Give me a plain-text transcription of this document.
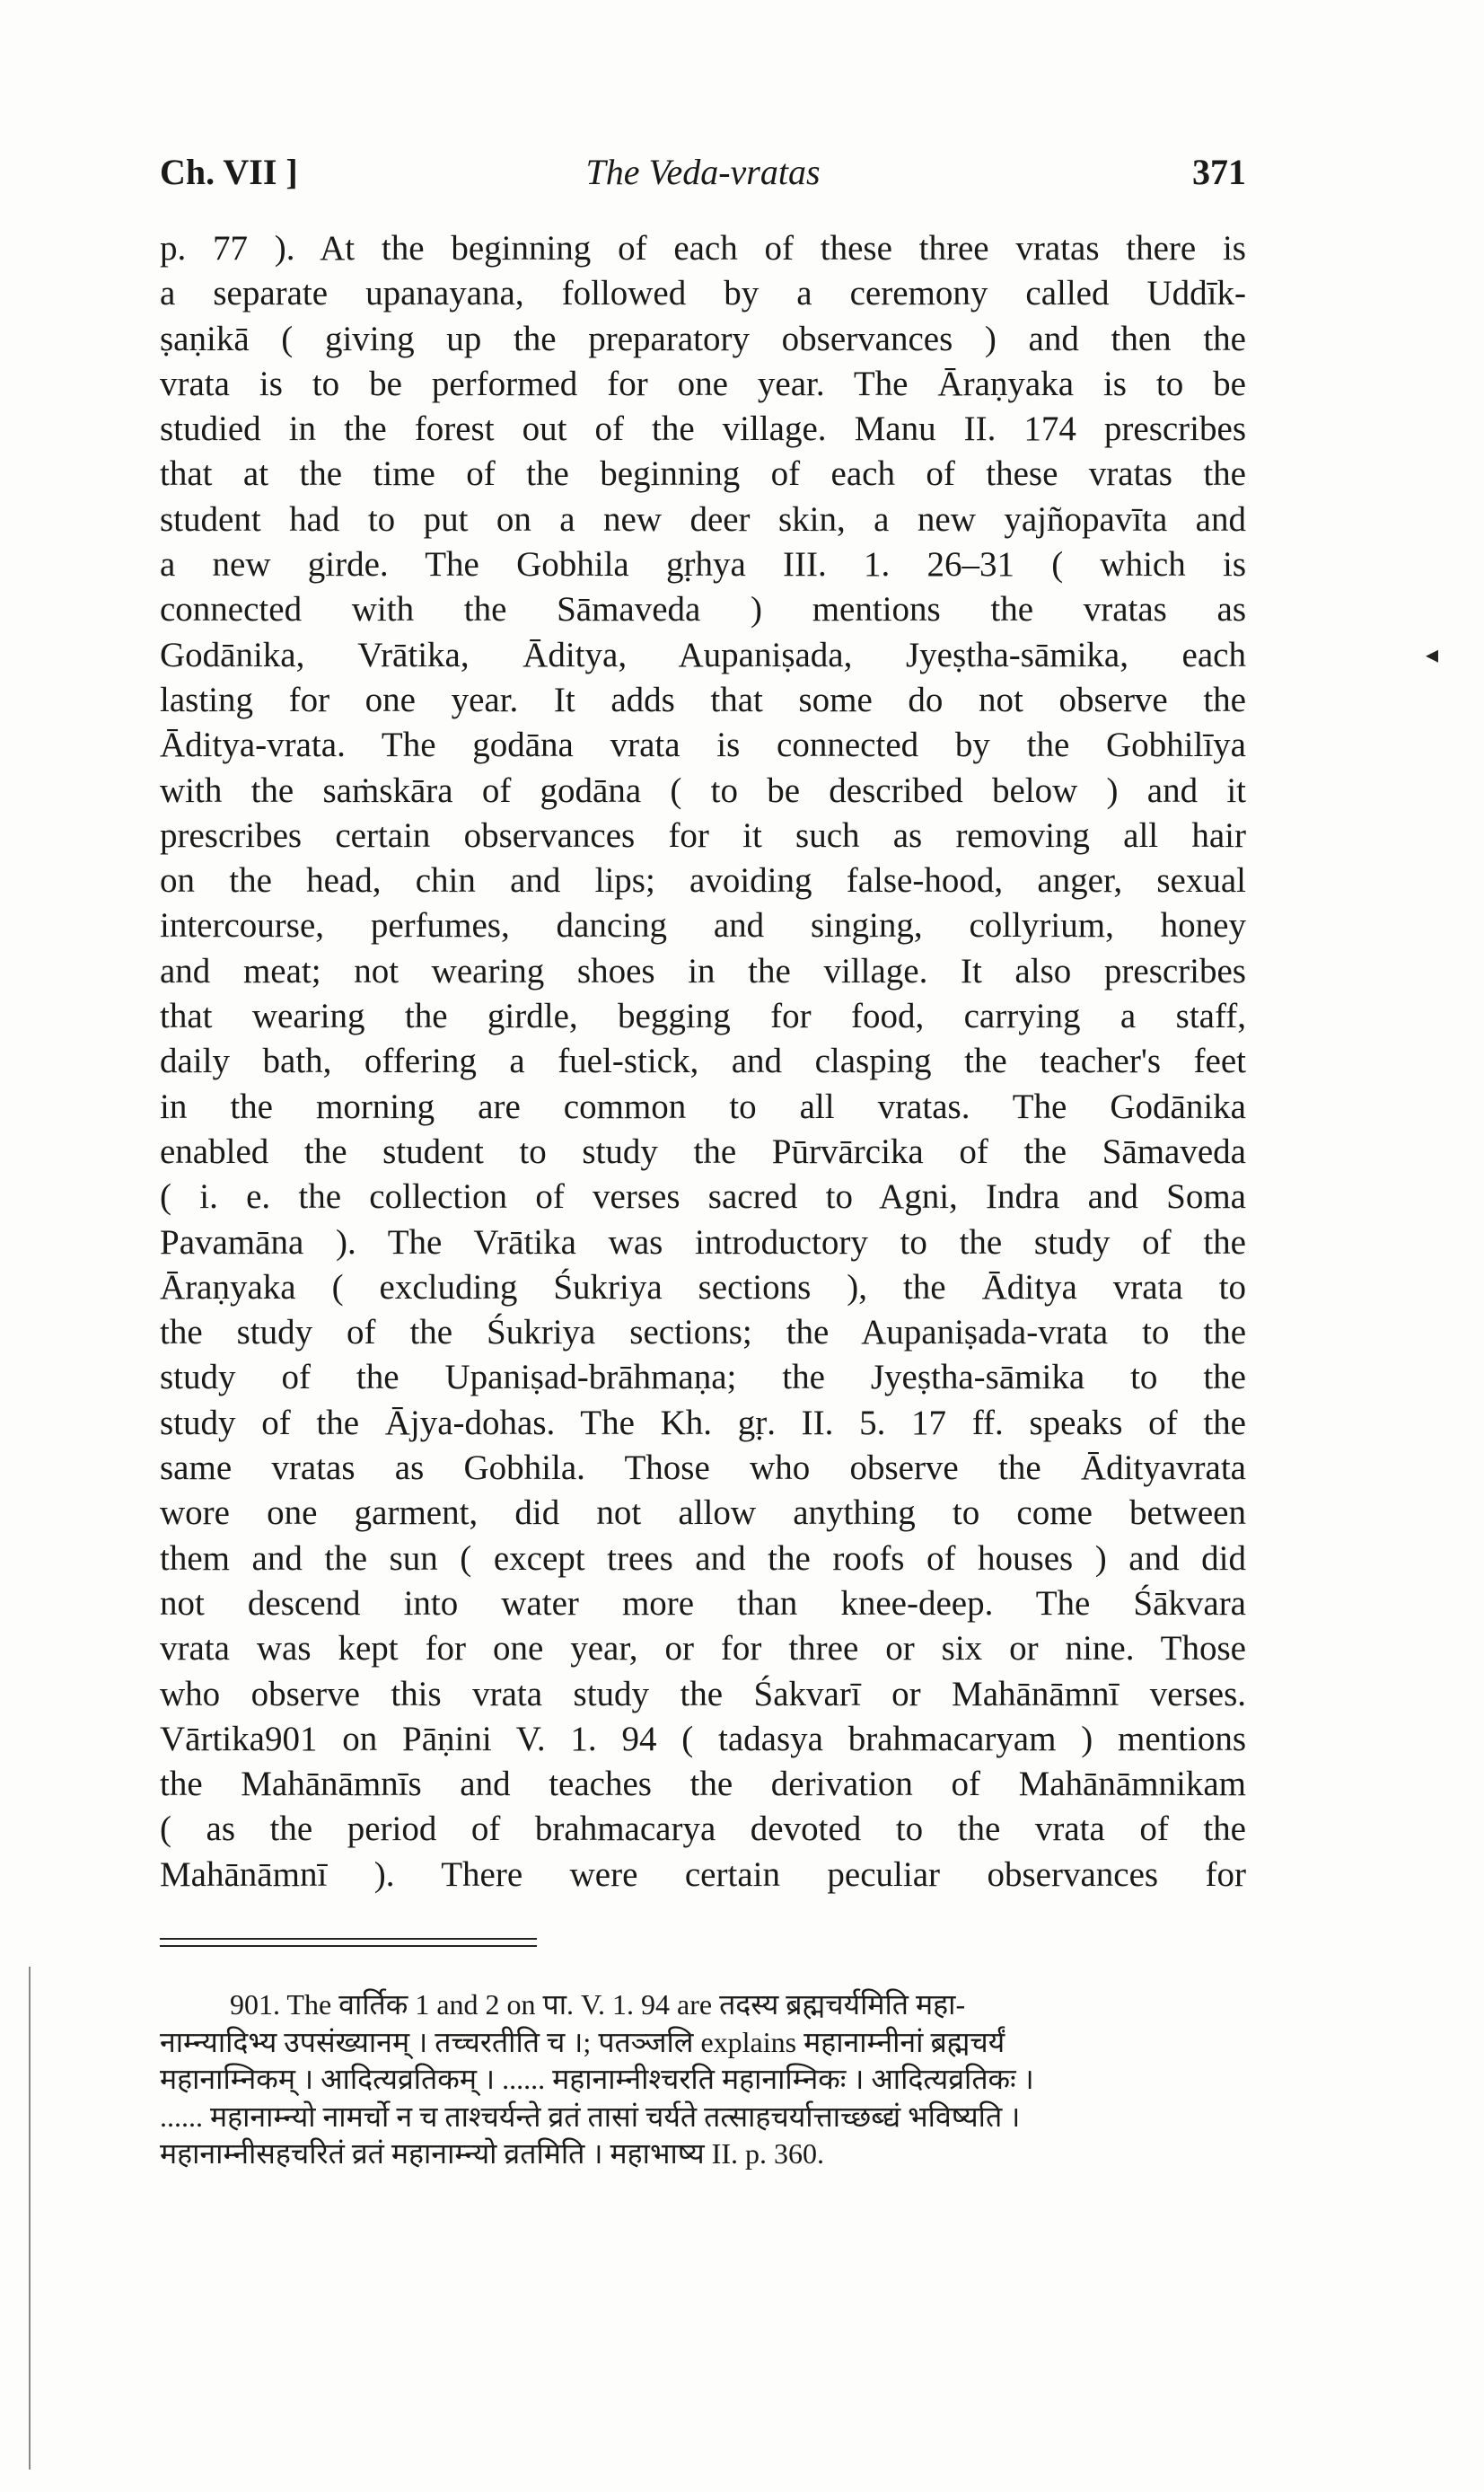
Ch. VII ]	The Veda-vratas	371
p. 77 ). At the beginning of each of these three vratas there is
a separate upanayana, followed by a ceremony called Uddīk-
ṣaṇikā ( giving up the preparatory observances ) and then the
vrata is to be performed for one year. The Āraṇyaka is to be
studied in the forest out of the village. Manu II. 174 prescribes
that at the time of the beginning of each of these vratas the
student had to put on a new deer skin, a new yajñopavīta and
a new girde. The Gobhila gṛhya III. 1. 26–31 ( which is
connected with the Sāmaveda ) mentions the vratas as
Godānika, Vrātika, Āditya, Aupaniṣada, Jyeṣtha-sāmika, each
lasting for one year. It adds that some do not observe the
Āditya-vrata. The godāna vrata is connected by the Gobhilīya
with the saṁskāra of godāna ( to be described below ) and it
prescribes certain observances for it such as removing all hair
on the head, chin and lips; avoiding false-hood, anger, sexual
intercourse, perfumes, dancing and singing, collyrium, honey
and meat; not wearing shoes in the village. It also prescribes
that wearing the girdle, begging for food, carrying a staff,
daily bath, offering a fuel-stick, and clasping the teacher's feet
in the morning are common to all vratas. The Godānika
enabled the student to study the Pūrvārcika of the Sāmaveda
( i. e. the collection of verses sacred to Agni, Indra and Soma
Pavamāna ). The Vrātika was introductory to the study of the
Āraṇyaka ( excluding Śukriya sections ), the Āditya vrata to
the study of the Śukriya sections; the Aupaniṣada-vrata to the
study of the Upaniṣad-brāhmaṇa; the Jyeṣtha-sāmika to the
study of the Ājya-dohas. The Kh. gṛ. II. 5. 17 ff. speaks of the
same vratas as Gobhila. Those who observe the Ādityavrata
wore one garment, did not allow anything to come between
them and the sun ( except trees and the roofs of houses ) and did
not descend into water more than knee-deep. The Śākvara
vrata was kept for one year, or for three or six or nine. Those
who observe this vrata study the Śakvarī or Mahānāmnī verses.
Vārtika901 on Pāṇini V. 1. 94 ( tadasya brahmacaryam ) mentions
the Mahānāmnīs and teaches the derivation of Mahānāmnikam
( as the period of brahmacarya devoted to the vrata of the
Mahānāmnī ). There were certain peculiar observances for
901. The वार्तिक 1 and 2 on पा. V. 1. 94 are तदस्य ब्रह्मचर्यमिति महा-
नाम्न्यादिभ्य उपसंख्यानम् । तच्चरतीति च ।; पतञ्जलि explains महानाम्नीनां ब्रह्मचर्यं
महानाम्निकम् । आदित्यव्रतिकम् । ...... महानाम्नीश्चरति महानाम्निकः । आदित्यव्रतिकः ।
...... महानाम्न्यो नामर्चो न च ताश्चर्यन्ते व्रतं तासां चर्यते तत्साहचर्यात्ताच्छब्द्यं भविष्यति ।
महानाम्नीसहचरितं व्रतं महानाम्न्यो व्रतमिति । महाभाष्य II. p. 360.
◂
